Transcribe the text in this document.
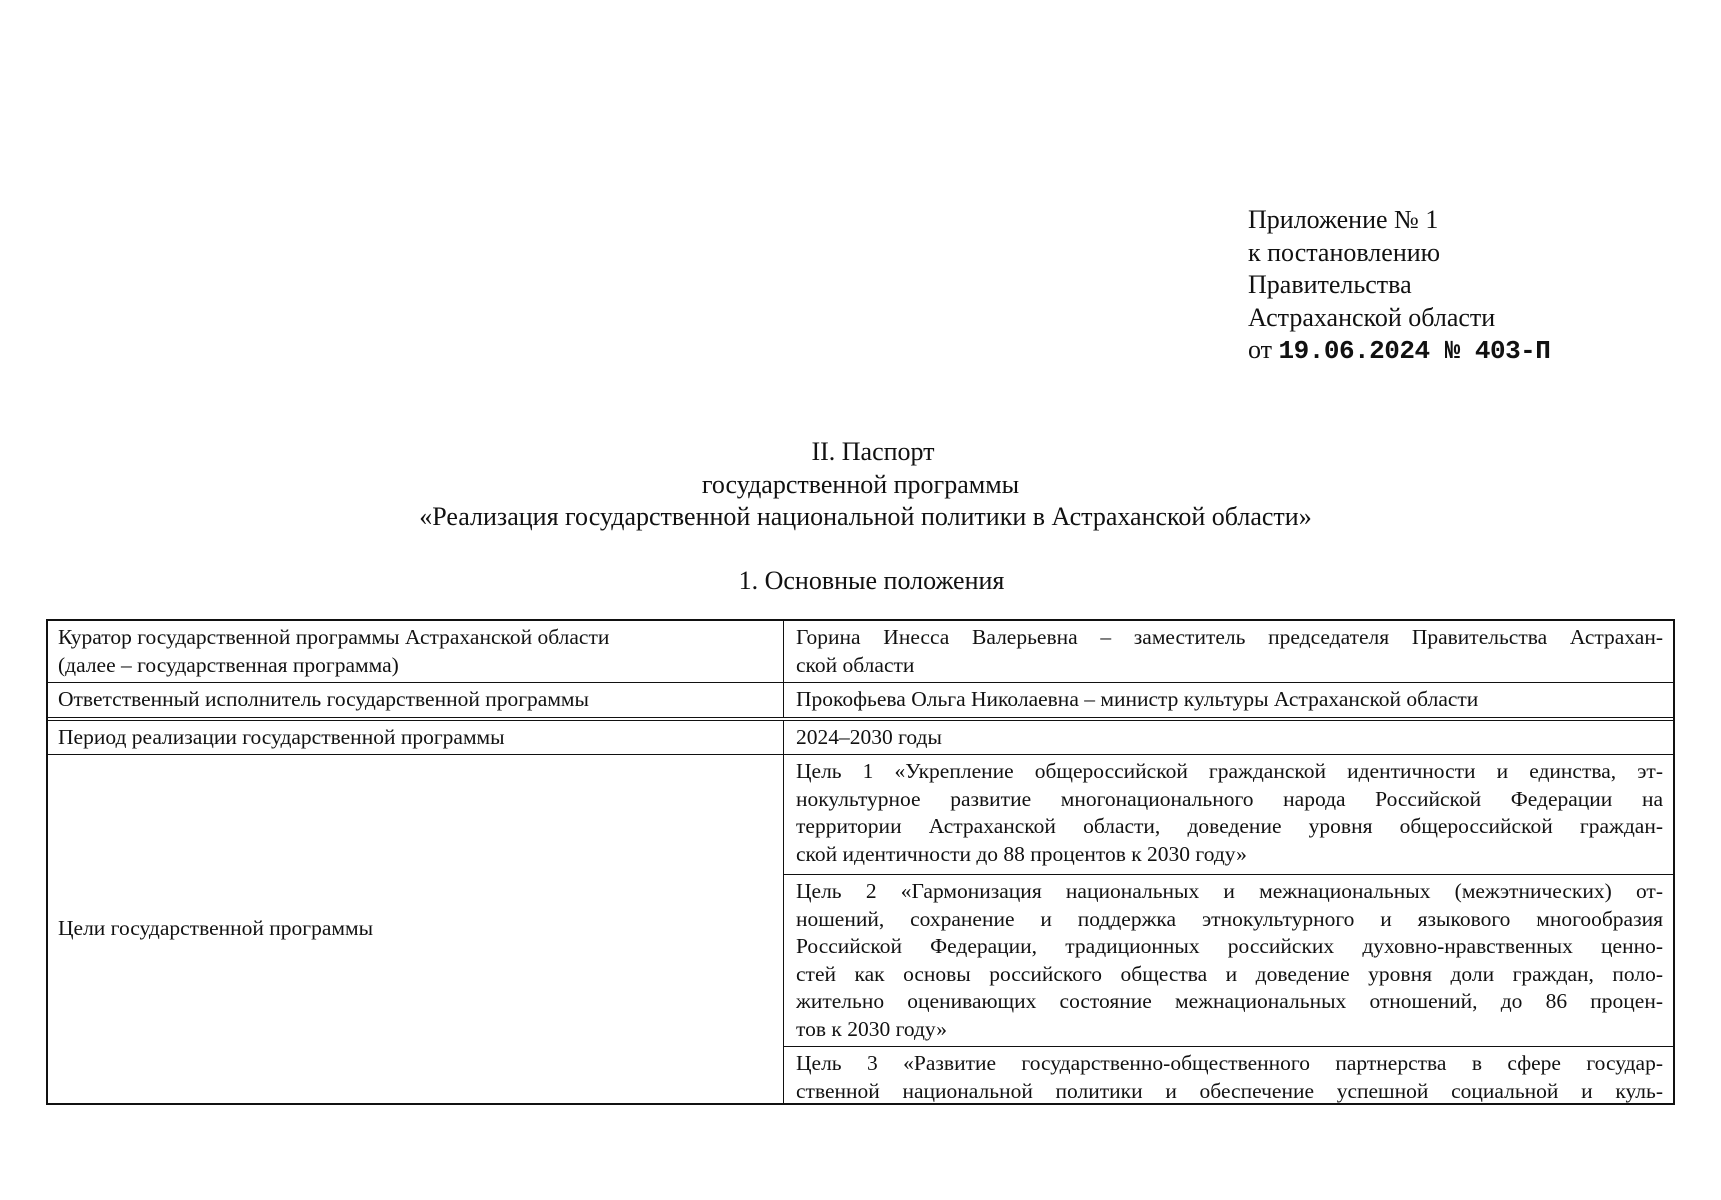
Приложение № 1
к постановлению
Правительства
Астраханской области
от 19.06.2024 № 403-П
II. Паспорт
государственной программы
«Реализация государственной национальной политики в Астраханской области»
1. Основные положения
Куратор государственной программы Астраханской области
(далее – государственная программа)
Горина Инесса Валерьевна – заместитель председателя Правительства Астрахан-
ской области
Ответственный исполнитель государственной программы	Прокофьева Ольга Николаевна – министр культуры Астраханской области
Период реализации государственной программы	2024–2030 годы
Цели государственной программы
Цель 1 «Укрепление общероссийской гражданской идентичности и единства, эт-
нокультурное развитие многонационального народа Российской Федерации на
территории Астраханской области, доведение уровня общероссийской граждан-
ской идентичности до 88 процентов к 2030 году»
Цель 2 «Гармонизация национальных и межнациональных (межэтнических) от-
ношений, сохранение и поддержка этнокультурного и языкового многообразия
Российской Федерации, традиционных российских духовно-нравственных ценно-
стей как основы российского общества и доведение уровня доли граждан, поло-
жительно оценивающих состояние межнациональных отношений, до 86 процен-
тов к 2030 году»
Цель 3 «Развитие государственно-общественного партнерства в сфере государ-
ственной национальной политики и обеспечение успешной социальной и куль-
